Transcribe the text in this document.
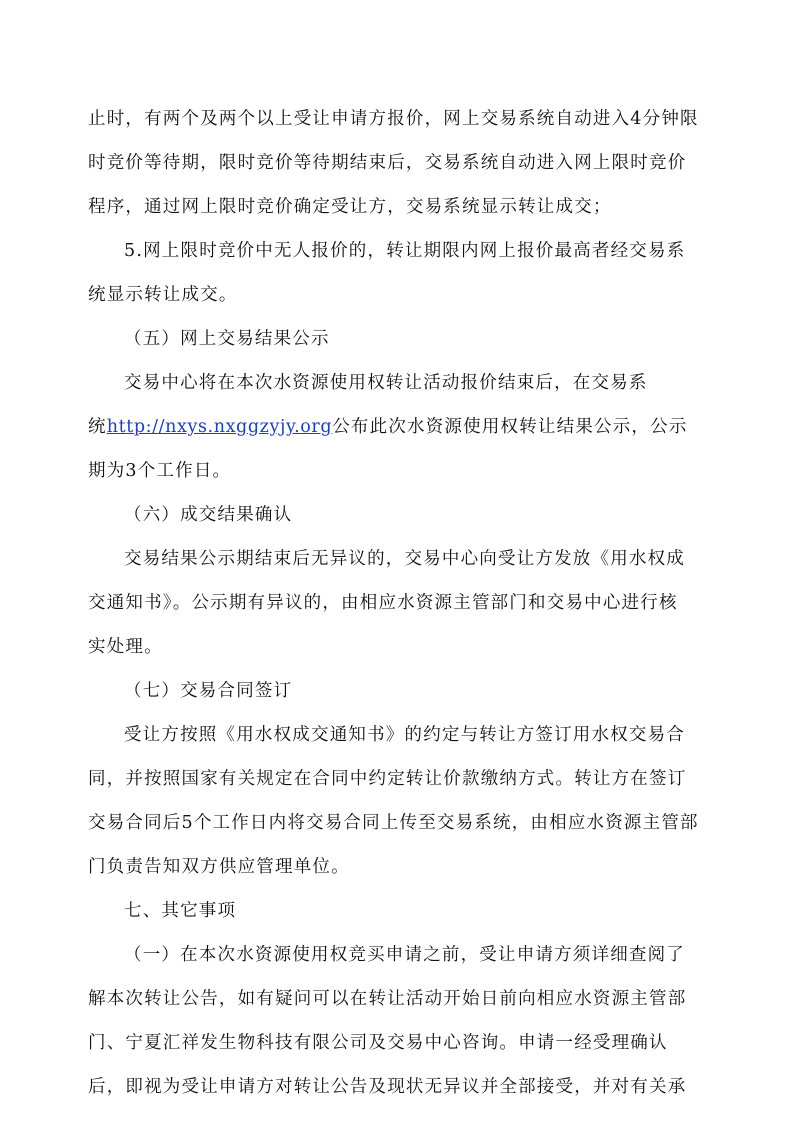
止时，有两个及两个以上受让申请方报价，网上交易系统自动进入4分钟限
时竞价等待期，限时竞价等待期结束后，交易系统自动进入网上限时竞价
程序，通过网上限时竞价确定受让方，交易系统显示转让成交；
5.网上限时竞价中无人报价的，转让期限内网上报价最高者经交易系
统显示转让成交。
（五）网上交易结果公示
交易中心将在本次水资源使用权转让活动报价结束后，在交易系
统http://nxys.nxggzyjy.org公布此次水资源使用权转让结果公示，公示
期为3个工作日。
（六）成交结果确认
交易结果公示期结束后无异议的，交易中心向受让方发放《用水权成
交通知书》。公示期有异议的，由相应水资源主管部门和交易中心进行核
实处理。
（七）交易合同签订
受让方按照《用水权成交通知书》的约定与转让方签订用水权交易合
同，并按照国家有关规定在合同中约定转让价款缴纳方式。转让方在签订
交易合同后5个工作日内将交易合同上传至交易系统，由相应水资源主管部
门负责告知双方供应管理单位。
七、其它事项
（一）在本次水资源使用权竞买申请之前，受让申请方须详细查阅了
解本次转让公告，如有疑问可以在转让活动开始日前向相应水资源主管部
门、宁夏汇祥发生物科技有限公司及交易中心咨询。申请一经受理确认
后，即视为受让申请方对转让公告及现状无异议并全部接受，并对有关承
